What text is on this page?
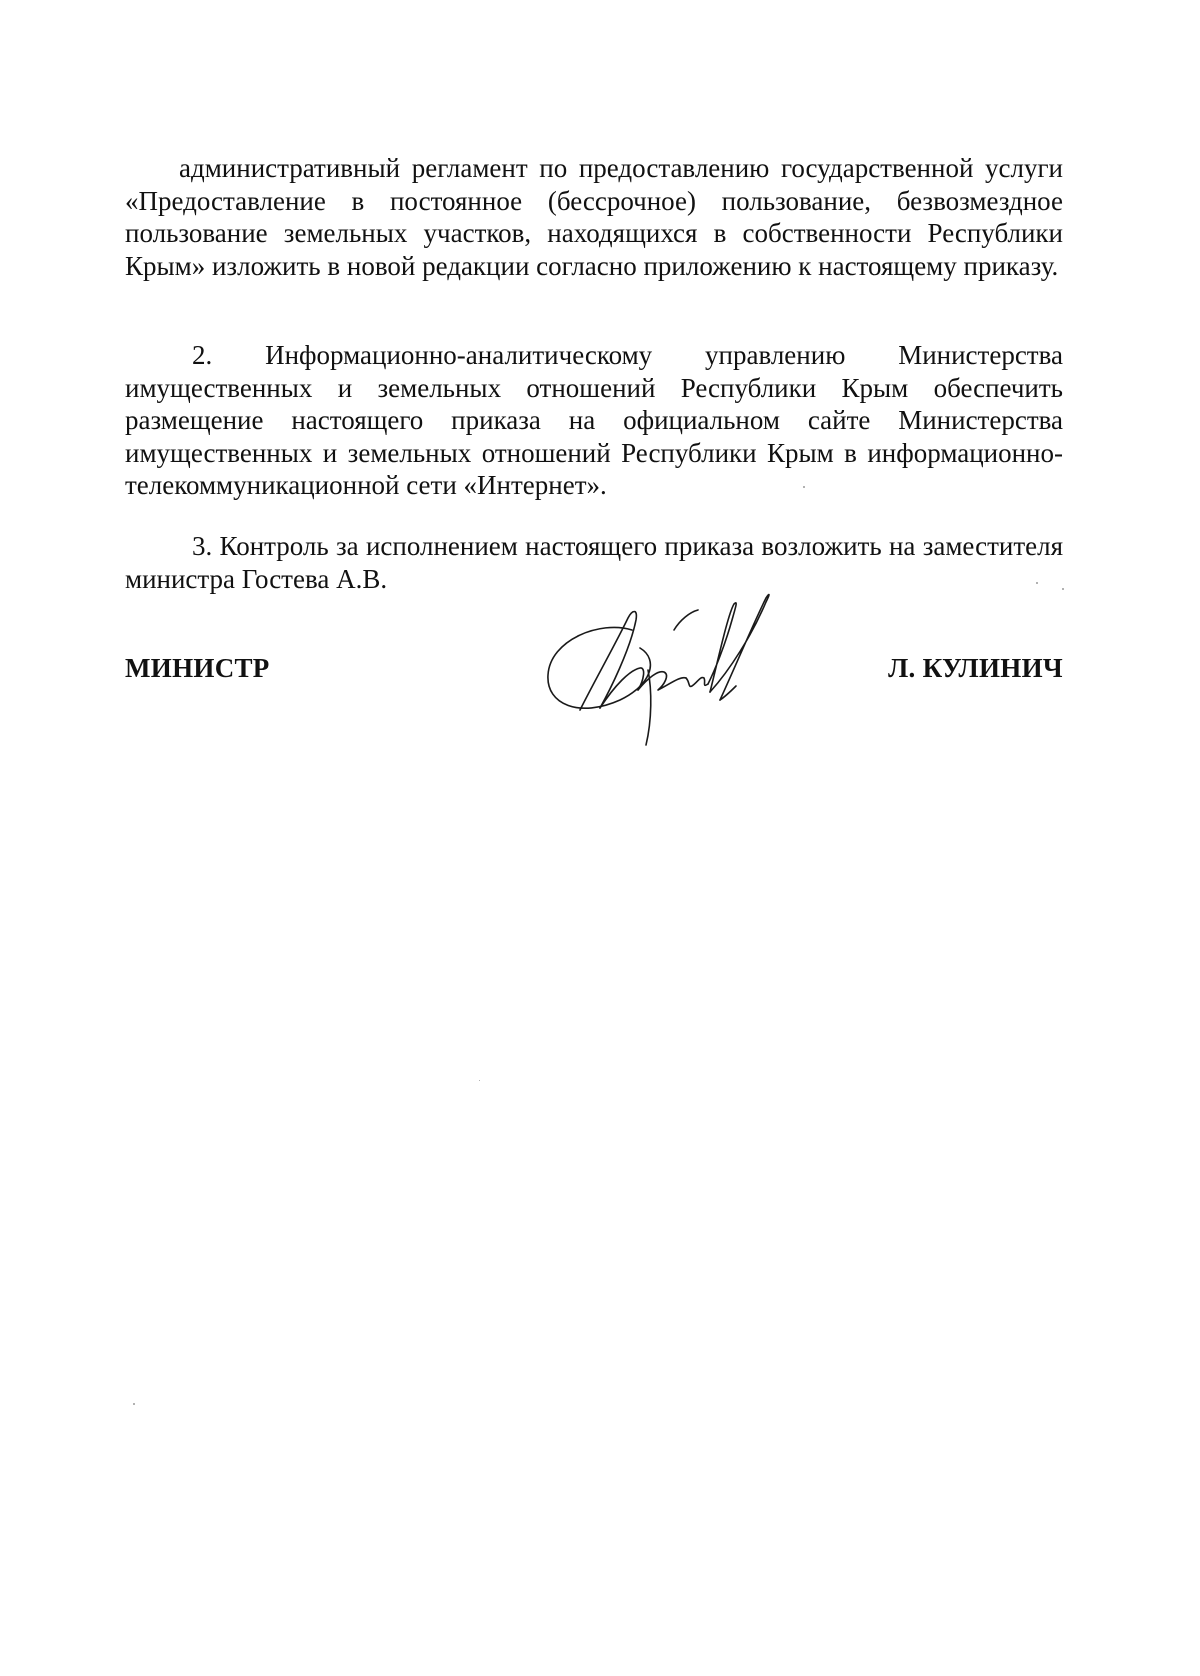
административный регламент по предоставлению государственной услуги «Предоставление в постоянное (бессрочное) пользование, безвозмездное пользование земельных участков, находящихся в собственности Республики Крым» изложить в новой редакции согласно приложению к настоящему приказу.

2. Информационно-аналитическому управлению Министерства имущественных и земельных отношений Республики Крым обеспечить размещение настоящего приказа на официальном сайте Министерства имущественных и земельных отношений Республики Крым в информационно-телекоммуникационной сети «Интернет».

3. Контроль за исполнением настоящего приказа возложить на заместителя министра Гостева А.В.

МИНИСТР	Л. КУЛИНИЧ
